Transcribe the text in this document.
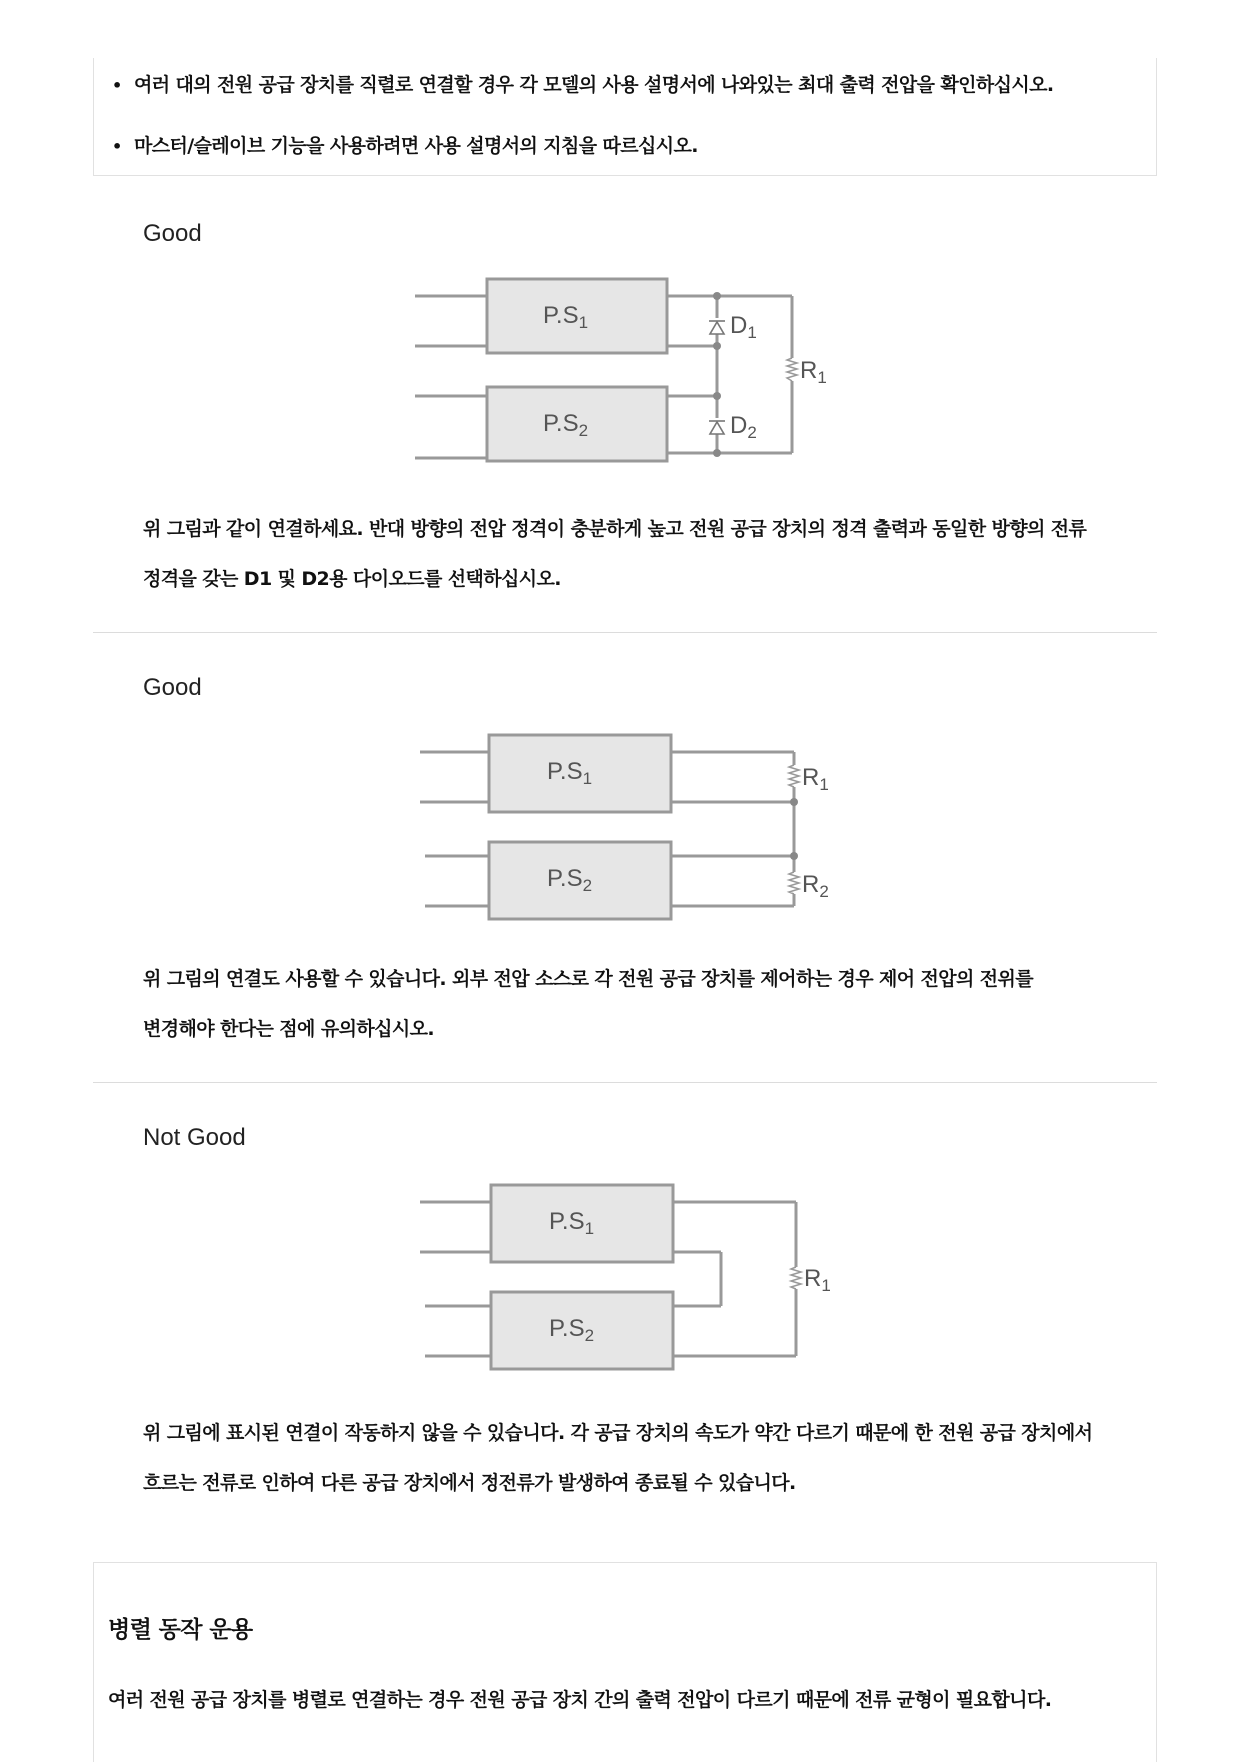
• 여러 대의 전원 공급 장치를 직렬로 연결할 경우 각 모델의 사용 설명서에 나와있는 최대 출력 전압을 확인하십시오.
• 마스터/슬레이브 기능을 사용하려면 사용 설명서의 지침을 따르십시오.
Good
$P.S_1$
$P.S_2$
$D_1$
$D_2$
$R_1$
위 그림과 같이 연결하세요. 반대 방향의 전압 정격이 충분하게 높고 전원 공급 장치의 정격 출력과 동일한 방향의 전류
정격을 갖는 D1 및 D2용 다이오드를 선택하십시오.
Good
$P.S_1$
$P.S_2$
$R_1$
$R_2$
위 그림의 연결도 사용할 수 있습니다. 외부 전압 소스로 각 전원 공급 장치를 제어하는 경우 제어 전압의 전위를
변경해야 한다는 점에 유의하십시오.
Not Good
$P.S_1$
$P.S_2$
$R_1$
위 그림에 표시된 연결이 작동하지 않을 수 있습니다. 각 공급 장치의 속도가 약간 다르기 때문에 한 전원 공급 장치에서
흐르는 전류로 인하여 다른 공급 장치에서 정전류가 발생하여 종료될 수 있습니다.
병렬 동작 운용
여러 전원 공급 장치를 병렬로 연결하는 경우 전원 공급 장치 간의 출력 전압이 다르기 때문에 전류 균형이 필요합니다.
